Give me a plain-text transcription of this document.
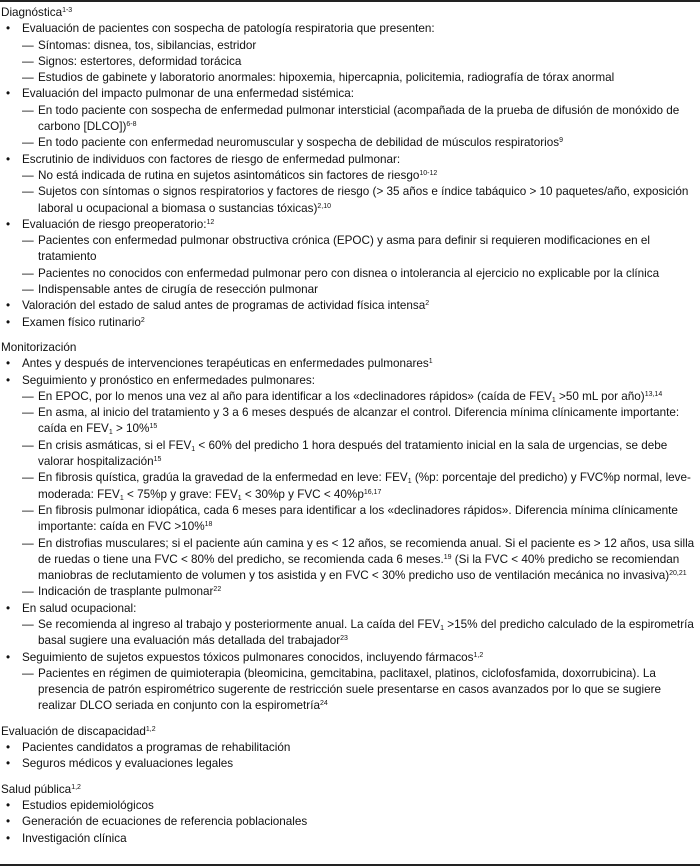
Diagnóstica$^{1-3}$
• Evaluación de pacientes con sospecha de patología respiratoria que presenten:
— Síntomas: disnea, tos, sibilancias, estridor
— Signos: estertores, deformidad torácica
— Estudios de gabinete y laboratorio anormales: hipoxemia, hipercapnia, policitemia, radiografía de tórax anormal
• Evaluación del impacto pulmonar de una enfermedad sistémica:
— En todo paciente con sospecha de enfermedad pulmonar intersticial (acompañada de la prueba de difusión de monóxido de carbono [DLCO])$^{6-8}$
— En todo paciente con enfermedad neuromuscular y sospecha de debilidad de músculos respiratorios$^9$
• Escrutinio de individuos con factores de riesgo de enfermedad pulmonar:
— No está indicada de rutina en sujetos asintomáticos sin factores de riesgo$^{10-12}$
— Sujetos con síntomas o signos respiratorios y factores de riesgo (> 35 años e índice tabáquico > 10 paquetes/año, exposición laboral u ocupacional a biomasa o sustancias tóxicas)$^{2,10}$
• Evaluación de riesgo preoperatorio:$^{12}$
— Pacientes con enfermedad pulmonar obstructiva crónica (EPOC) y asma para definir si requieren modificaciones en el tratamiento
— Pacientes no conocidos con enfermedad pulmonar pero con disnea o intolerancia al ejercicio no explicable por la clínica
— Indispensable antes de cirugía de resección pulmonar
• Valoración del estado de salud antes de programas de actividad física intensa$^2$
• Examen físico rutinario$^2$
Monitorización
• Antes y después de intervenciones terapéuticas en enfermedades pulmonares$^1$
• Seguimiento y pronóstico en enfermedades pulmonares:
— En EPOC, por lo menos una vez al año para identificar a los «declinadores rápidos» (caída de $FEV_1 >50$ mL por año)$^{13,14}$
— En asma, al inicio del tratamiento y 3 a 6 meses después de alcanzar el control. Diferencia mínima clínicamente importante: caída en $FEV_1 > 10\%^{15}$
— En crisis asmáticas, si el $FEV_1 < 60\%$ del predicho 1 hora después del tratamiento inicial en la sala de urgencias, se debe valorar hospitalización$^{15}$
— En fibrosis quística, gradúa la gravedad de la enfermedad en leve: $FEV_1$ (%p: porcentaje del predicho) y FVC%p normal, leve-moderada: $FEV_1 < 75\%p$ y grave: $FEV_1 < 30\%p$ y FVC < $40\%p^{16,17}$
— En fibrosis pulmonar idiopática, cada 6 meses para identificar a los «declinadores rápidos». Diferencia mínima clínicamente importante: caída en FVC >10%$^{18}$
— En distrofias musculares; si el paciente aún camina y es < 12 años, se recomienda anual. Si el paciente es > 12 años, usa silla de ruedas o tiene una FVC < 80% del predicho, se recomienda cada 6 meses.$^{19}$ (Si la FVC < 40% predicho se recomiendan maniobras de reclutamiento de volumen y tos asistida y en FVC < 30% predicho uso de ventilación mecánica no invasiva)$^{20,21}$
— Indicación de trasplante pulmonar$^{22}$
• En salud ocupacional:
— Se recomienda al ingreso al trabajo y posteriormente anual. La caída del $FEV_1 >15\%$ del predicho calculado de la espirometría basal sugiere una evaluación más detallada del trabajador$^{23}$
• Seguimiento de sujetos expuestos tóxicos pulmonares conocidos, incluyendo fármacos$^{1,2}$
— Pacientes en régimen de quimioterapia (bleomicina, gemcitabina, paclitaxel, platinos, ciclofosfamida, doxorrubicina). La presencia de patrón espirométrico sugerente de restricción suele presentarse en casos avanzados por lo que se sugiere realizar DLCO seriada en conjunto con la espirometría$^{24}$
Evaluación de discapacidad$^{1,2}$
• Pacientes candidatos a programas de rehabilitación
• Seguros médicos y evaluaciones legales
Salud pública$^{1,2}$
• Estudios epidemiológicos
• Generación de ecuaciones de referencia poblacionales
• Investigación clínica
